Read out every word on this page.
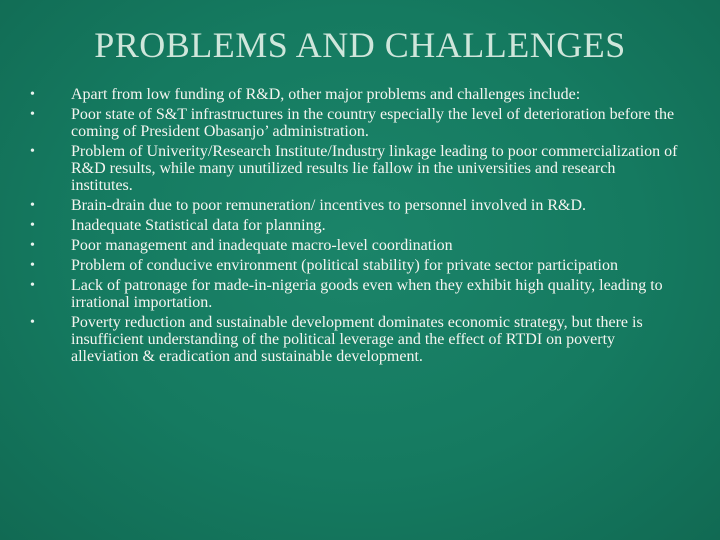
PROBLEMS AND CHALLENGES
• Apart from low funding of R&D, other major problems and challenges include:
• Poor state of S&T infrastructures in the country especially the level of deterioration before the coming of President Obasanjo’ administration.
• Problem of Univerity/Research Institute/Industry linkage leading to poor commercialization of R&D results, while many unutilized results lie fallow in the universities and research institutes.
• Brain-drain due to poor remuneration/ incentives to personnel involved in R&D.
• Inadequate Statistical data for planning.
• Poor management and inadequate macro-level coordination
• Problem of conducive environment (political stability) for private sector participation
• Lack of patronage for made-in-nigeria goods even when they exhibit high quality, leading to irrational importation.
• Poverty reduction and sustainable development dominates economic strategy, but there is insufficient understanding of the political leverage and the effect of RTDI on poverty alleviation & eradication and sustainable development.
